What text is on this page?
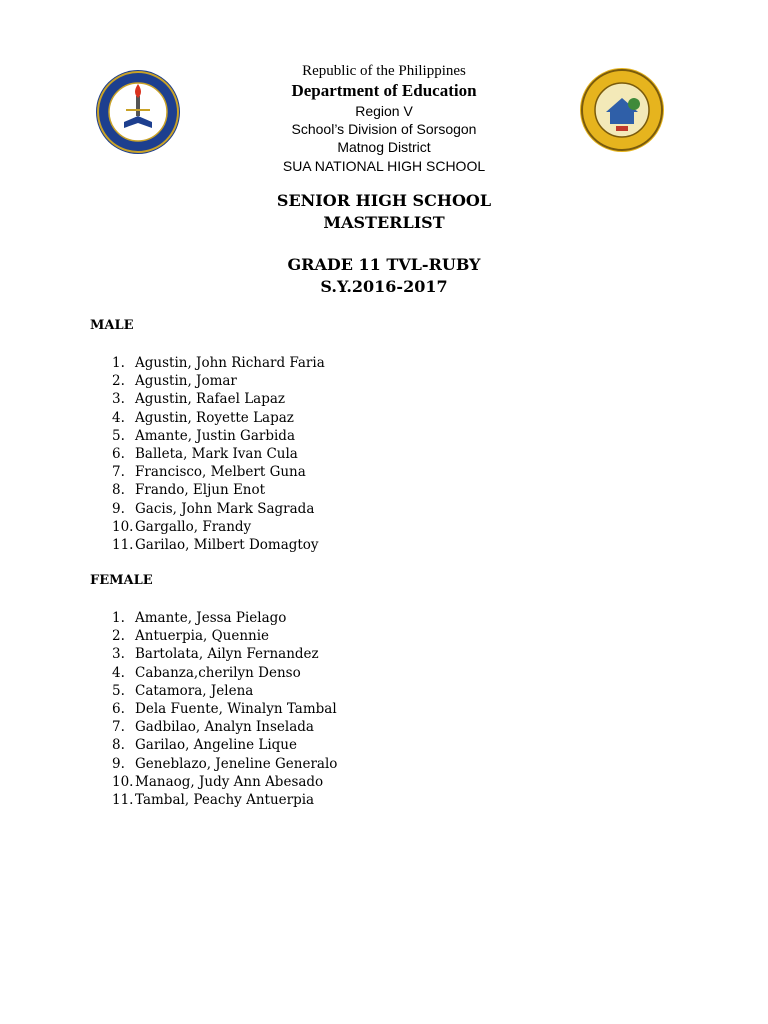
Republic of the Philippines
Department of Education
Region V
School’s Division of Sorsogon
Matnog District
SUA NATIONAL HIGH SCHOOL
SENIOR HIGH SCHOOL
MASTERLIST
GRADE 11 TVL-RUBY
S.Y.2016-2017
MALE
1. Agustin, John Richard Faria
2. Agustin, Jomar
3. Agustin, Rafael Lapaz
4. Agustin, Royette Lapaz
5. Amante, Justin Garbida
6. Balleta, Mark Ivan Cula
7. Francisco, Melbert Guna
8. Frando, Eljun Enot
9. Gacis, John Mark Sagrada
10. Gargallo, Frandy
11. Garilao, Milbert Domagtoy
FEMALE
1. Amante, Jessa Pielago
2. Antuerpia, Quennie
3. Bartolata, Ailyn Fernandez
4. Cabanza,cherilyn Denso
5. Catamora, Jelena
6. Dela Fuente, Winalyn Tambal
7. Gadbilao, Analyn Inselada
8. Garilao, Angeline Lique
9. Geneblazo, Jeneline Generalo
10. Manaog, Judy Ann Abesado
11. Tambal, Peachy Antuerpia
